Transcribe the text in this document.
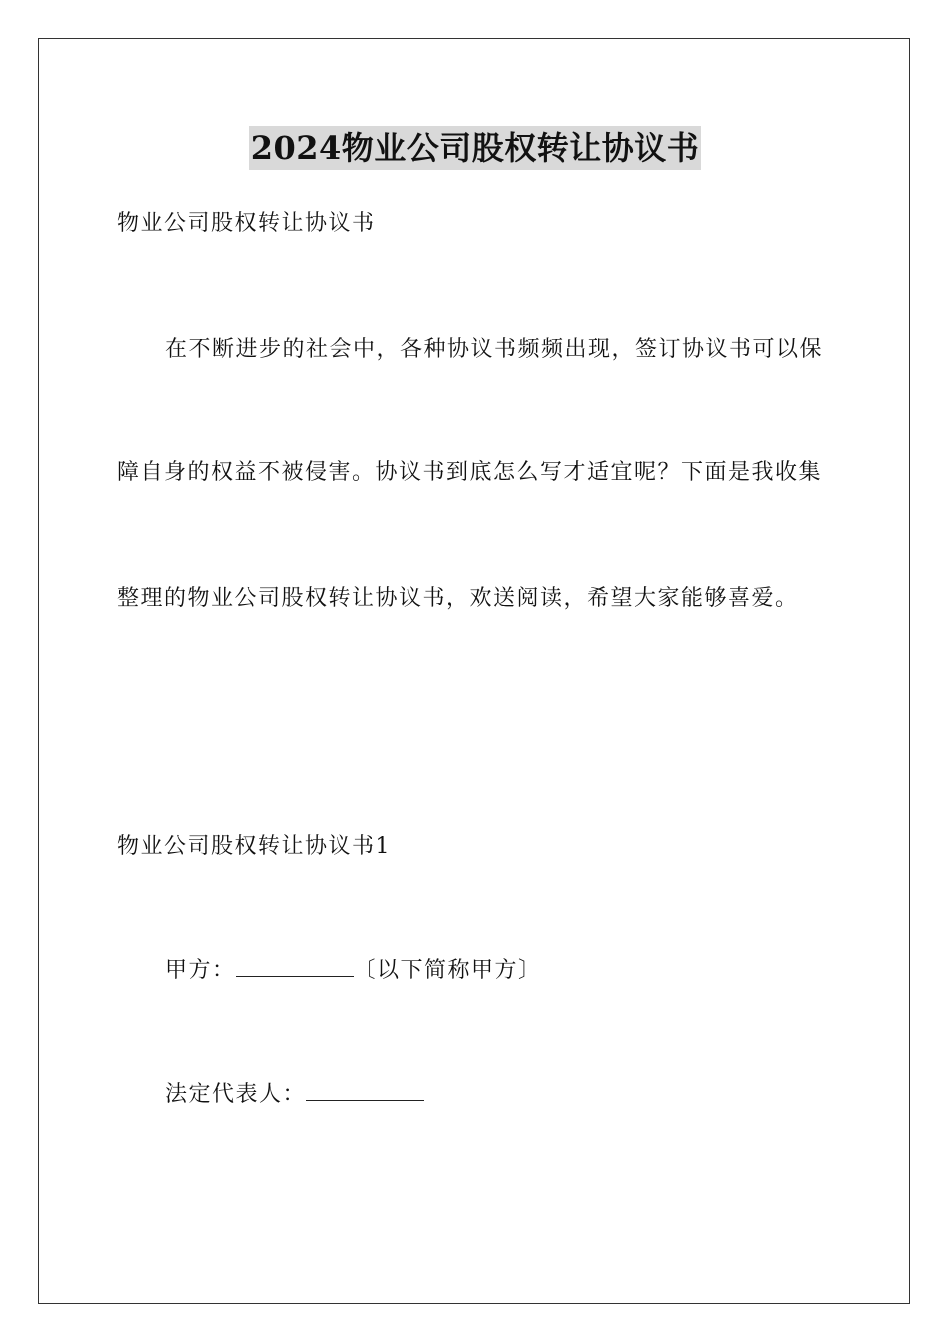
2024物业公司股权转让协议书
物业公司股权转让协议书
在不断进步的社会中，各种协议书频频出现，签订协议书可以保
障自身的权益不被侵害。协议书到底怎么写才适宜呢？下面是我收集
整理的物业公司股权转让协议书，欢送阅读，希望大家能够喜爱。
物业公司股权转让协议书1
甲方：	〔以下简称甲方〕
法定代表人：
